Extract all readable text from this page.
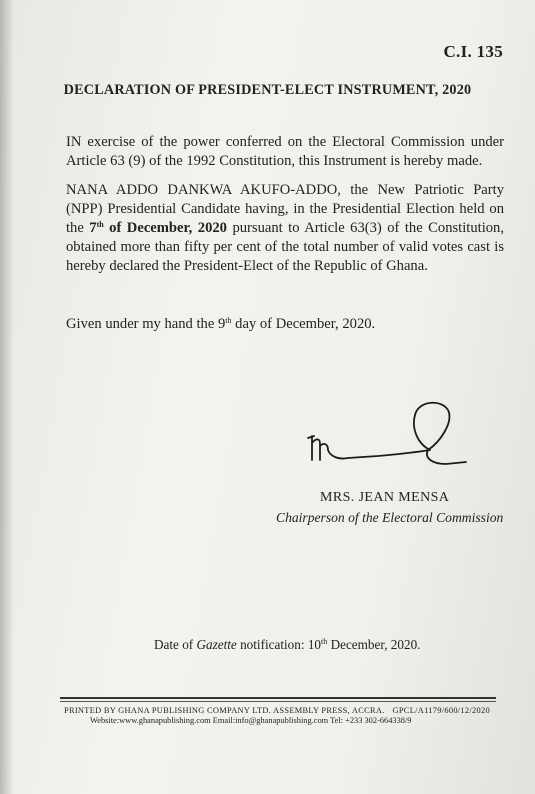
C.I. 135
DECLARATION OF PRESIDENT-ELECT INSTRUMENT, 2020
IN exercise of the power conferred on the Electoral Commission under Article 63 (9) of the 1992 Constitution, this Instrument is hereby made.
NANA ADDO DANKWA AKUFO-ADDO, the New Patriotic Party (NPP) Presidential Candidate having, in the Presidential Election held on the 7th of December, 2020 pursuant to Article 63(3) of the Constitution, obtained more than fifty per cent of the total number of valid votes cast is hereby declared the President-Elect of the Republic of Ghana.
Given under my hand the 9th day of December, 2020.
MRS. JEAN MENSA
Chairperson of the Electoral Commission
Date of Gazette notification: 10th December, 2020.
PRINTED BY GHANA PUBLISHING COMPANY LTD. ASSEMBLY PRESS, ACCRA. GPCL/A1179/600/12/2020
Website:www.ghanapublishing.com Email:info@ghanapublishing.com Tel: +233 302-664338/9
